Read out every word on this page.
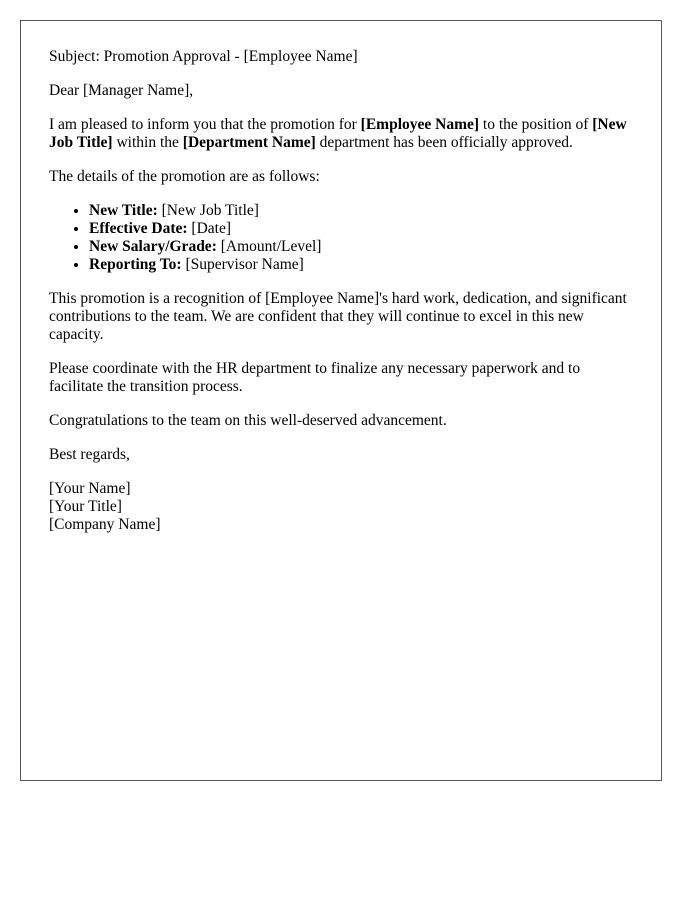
Subject: Promotion Approval - [Employee Name]

Dear [Manager Name],

I am pleased to inform you that the promotion for [Employee Name] to the position of [New Job Title] within the [Department Name] department has been officially approved.

The details of the promotion are as follows:

• New Title: [New Job Title]
• Effective Date: [Date]
• New Salary/Grade: [Amount/Level]
• Reporting To: [Supervisor Name]

This promotion is a recognition of [Employee Name]'s hard work, dedication, and significant contributions to the team. We are confident that they will continue to excel in this new capacity.

Please coordinate with the HR department to finalize any necessary paperwork and to facilitate the transition process.

Congratulations to the team on this well-deserved advancement.

Best regards,

[Your Name]
[Your Title]
[Company Name]
